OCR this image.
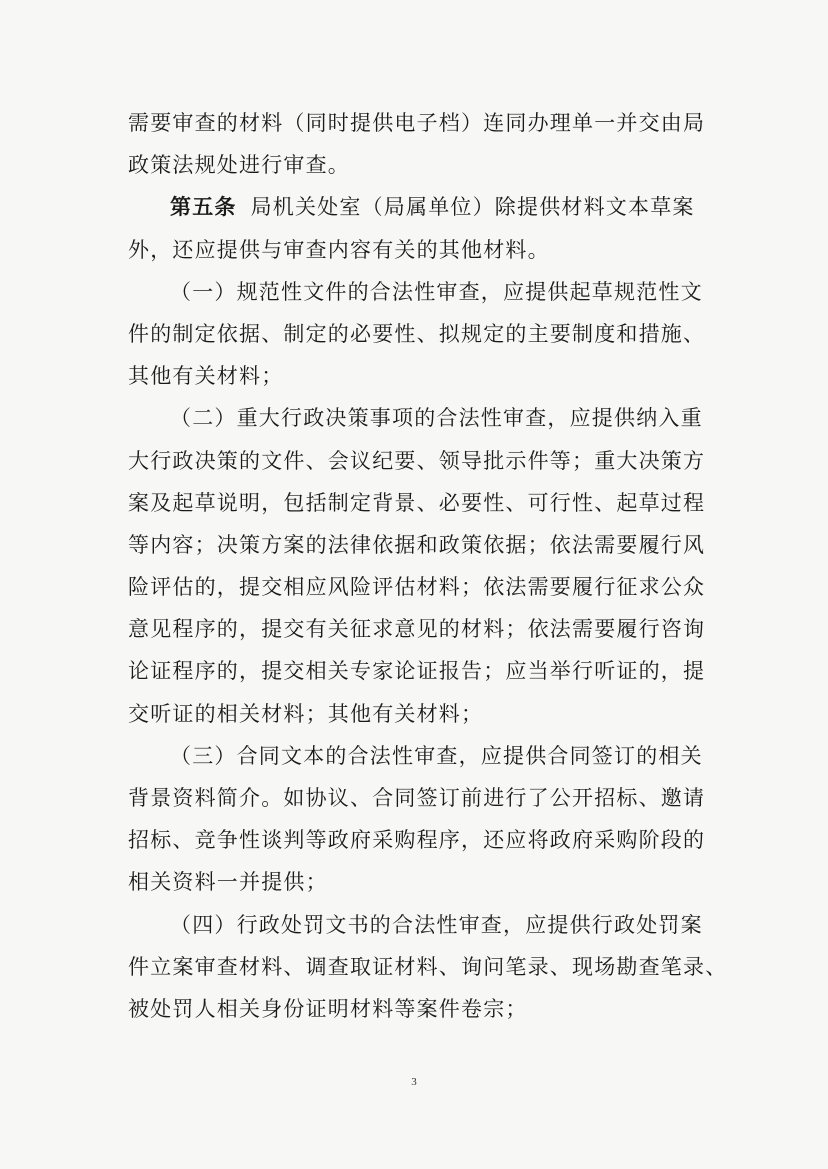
需要审查的材料（同时提供电子档）连同办理单一并交由局
政策法规处进行审查。
第五条 局机关处室（局属单位）除提供材料文本草案
外，还应提供与审查内容有关的其他材料。
（一）规范性文件的合法性审查，应提供起草规范性文
件的制定依据、制定的必要性、拟规定的主要制度和措施、
其他有关材料；
（二）重大行政决策事项的合法性审查，应提供纳入重
大行政决策的文件、会议纪要、领导批示件等；重大决策方
案及起草说明，包括制定背景、必要性、可行性、起草过程
等内容；决策方案的法律依据和政策依据；依法需要履行风
险评估的，提交相应风险评估材料；依法需要履行征求公众
意见程序的，提交有关征求意见的材料；依法需要履行咨询
论证程序的，提交相关专家论证报告；应当举行听证的，提
交听证的相关材料；其他有关材料；
（三）合同文本的合法性审查，应提供合同签订的相关
背景资料简介。如协议、合同签订前进行了公开招标、邀请
招标、竞争性谈判等政府采购程序，还应将政府采购阶段的
相关资料一并提供；
（四）行政处罚文书的合法性审查，应提供行政处罚案
件立案审查材料、调查取证材料、询问笔录、现场勘查笔录、
被处罚人相关身份证明材料等案件卷宗；
3
